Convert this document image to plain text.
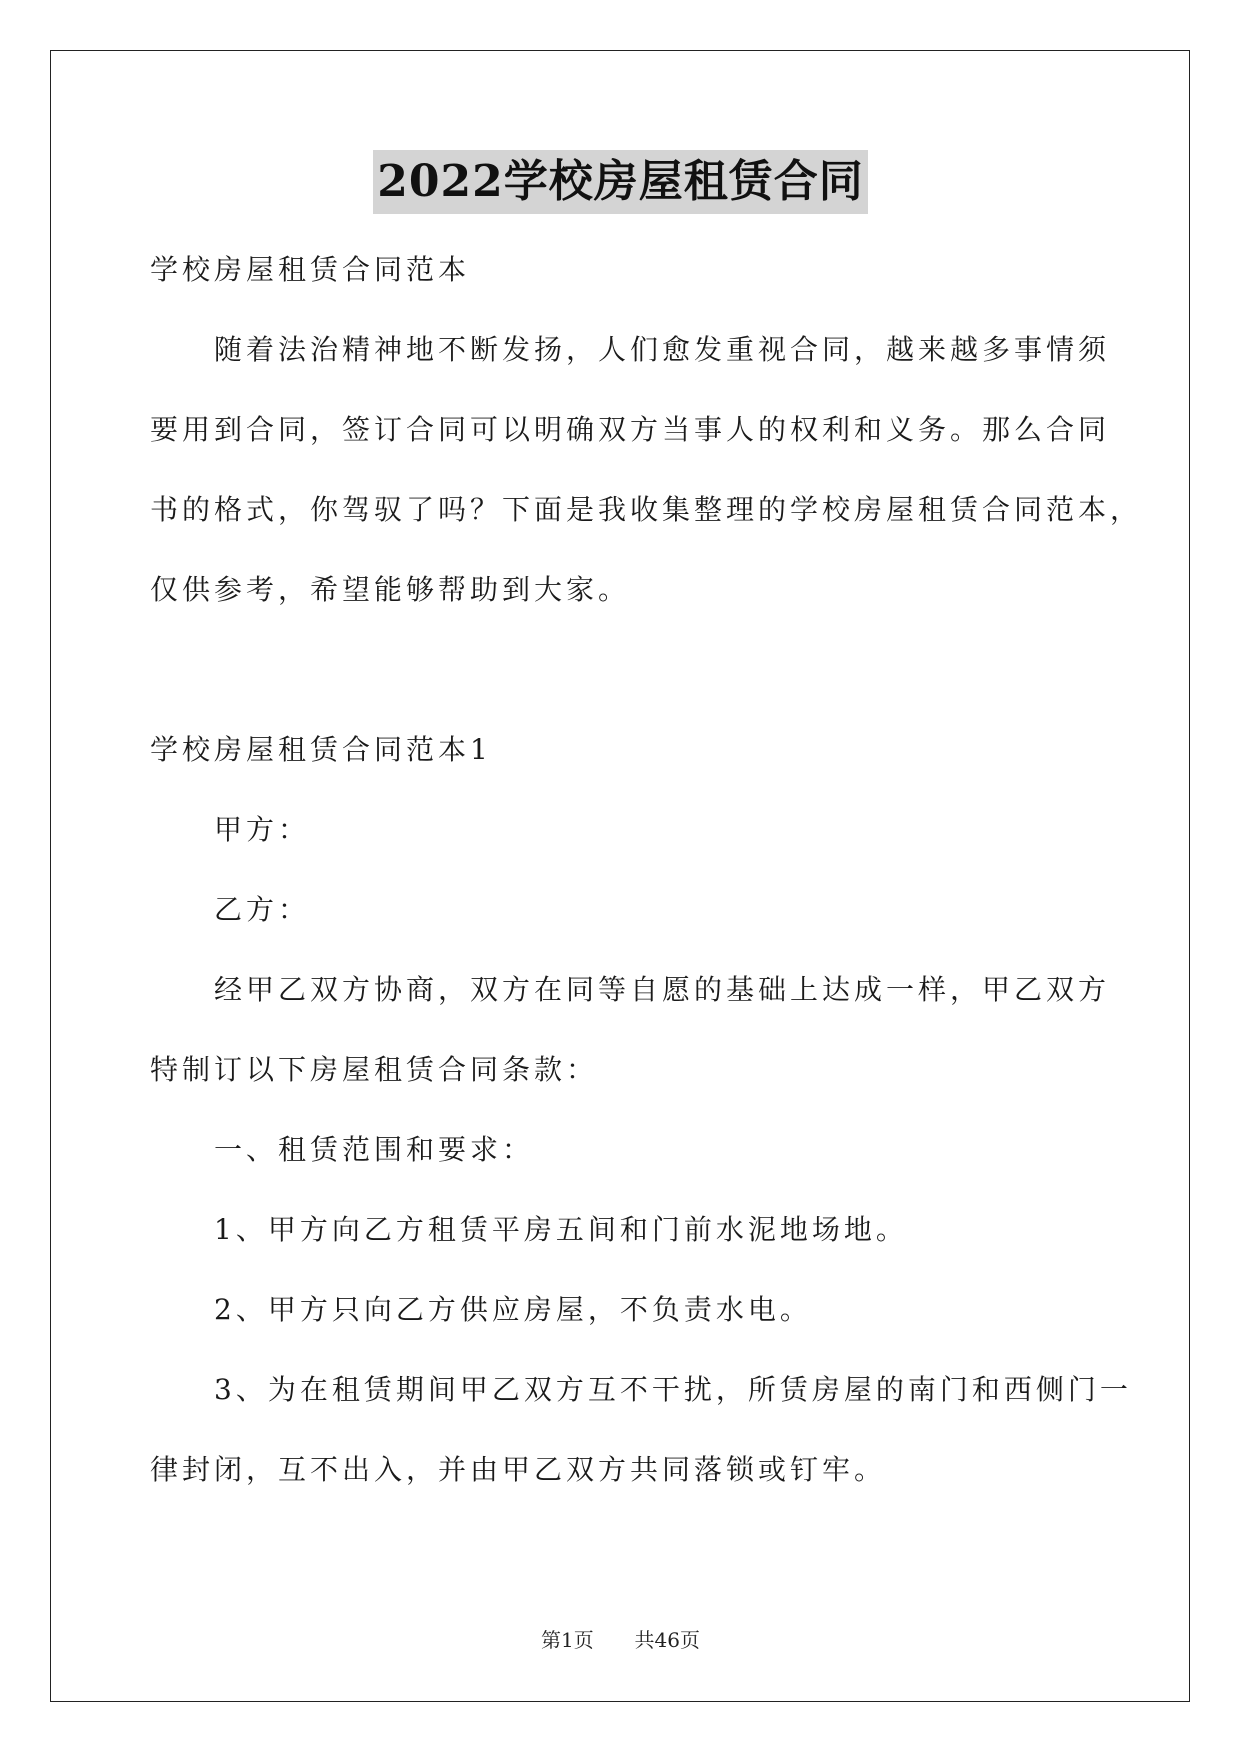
2022学校房屋租赁合同

学校房屋租赁合同范本

随着法治精神地不断发扬，人们愈发重视合同，越来越多事情须

要用到合同，签订合同可以明确双方当事人的权利和义务。那么合同

书的格式，你驾驭了吗？下面是我收集整理的学校房屋租赁合同范本，

仅供参考，希望能够帮助到大家。

学校房屋租赁合同范本1

甲方：

乙方：

经甲乙双方协商，双方在同等自愿的基础上达成一样，甲乙双方

特制订以下房屋租赁合同条款：

一、租赁范围和要求：

1、甲方向乙方租赁平房五间和门前水泥地场地。

2、甲方只向乙方供应房屋，不负责水电。

3、为在租赁期间甲乙双方互不干扰，所赁房屋的南门和西侧门一

律封闭，互不出入，并由甲乙双方共同落锁或钉牢。

第1页 共46页
